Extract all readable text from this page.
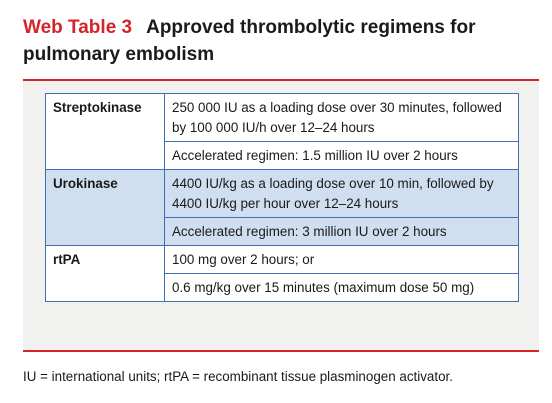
Web Table 3 Approved thrombolytic regimens for pulmonary embolism
Streptokinase	250 000 IU as a loading dose over 30 minutes, followed by 100 000 IU/h over 12–24 hours
	Accelerated regimen: 1.5 million IU over 2 hours
Urokinase	4400 IU/kg as a loading dose over 10 min, followed by 4400 IU/kg per hour over 12–24 hours
	Accelerated regimen: 3 million IU over 2 hours
rtPA	100 mg over 2 hours; or
	0.6 mg/kg over 15 minutes (maximum dose 50 mg)
IU = international units; rtPA = recombinant tissue plasminogen activator.
